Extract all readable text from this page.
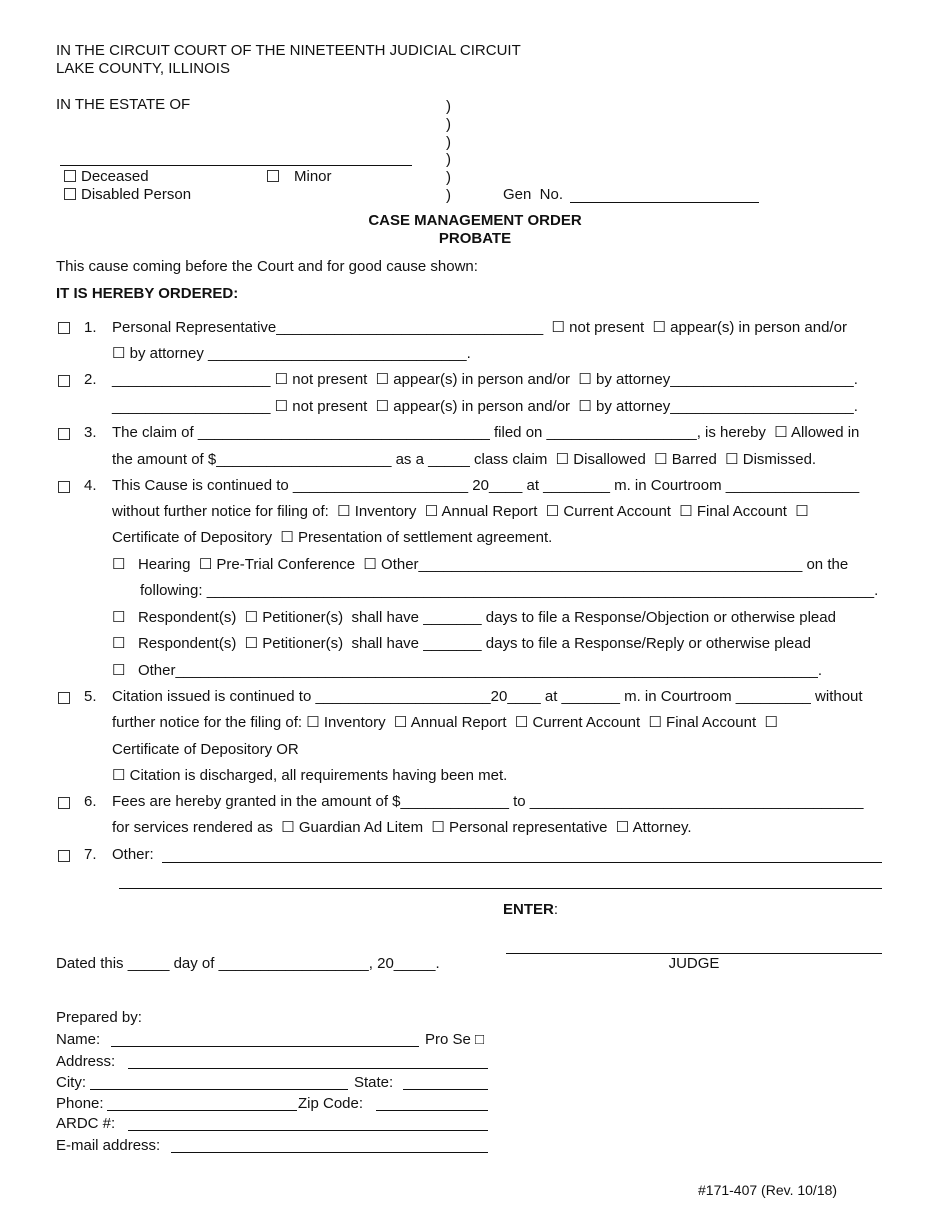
IN THE CIRCUIT COURT OF THE NINETEENTH JUDICIAL CIRCUIT
LAKE COUNTY, ILLINOIS
IN THE ESTATE OF	)
)
)
)
)
)
Deceased	Minor
Disabled Person	Gen  No.
CASE MANAGEMENT ORDER
PROBATE
This cause coming before the Court and for good cause shown:
IT IS HEREBY ORDERED:
1. Personal Representative________________________________  ☐ not present  ☐ appear(s) in person and/or
☐ by attorney _______________________________.
2. ___________________ ☐ not present  ☐ appear(s) in person and/or  ☐ by attorney______________________.
___________________ ☐ not present  ☐ appear(s) in person and/or  ☐ by attorney______________________.
3. The claim of ___________________________________ filed on __________________, is hereby  ☐ Allowed in
the amount of $_____________________ as a _____ class claim  ☐ Disallowed  ☐ Barred  ☐ Dismissed.
4. This Cause is continued to _____________________ 20____ at ________ m. in Courtroom ________________
without further notice for filing of:  ☐ Inventory  ☐ Annual Report  ☐ Current Account  ☐ Final Account  ☐
Certificate of Depository  ☐ Presentation of settlement agreement.
☐   Hearing  ☐ Pre-Trial Conference  ☐ Other______________________________________________ on the
following: ________________________________________________________________________________.
☐   Respondent(s)  ☐ Petitioner(s)  shall have _______ days to file a Response/Objection or otherwise plead
☐   Respondent(s)  ☐ Petitioner(s)  shall have _______ days to file a Response/Reply or otherwise plead
☐   Other_____________________________________________________________________________.
5. Citation issued is continued to _____________________20____ at _______ m. in Courtroom _________ without
further notice for the filing of: ☐ Inventory  ☐ Annual Report  ☐ Current Account  ☐ Final Account  ☐
Certificate of Depository OR
☐ Citation is discharged, all requirements having been met.
6. Fees are hereby granted in the amount of $_____________ to ________________________________________
for services rendered as  ☐ Guardian Ad Litem  ☐ Personal representative  ☐ Attorney.
7. Other:
ENTER:
JUDGE
Dated this _____ day of __________________, 20_____.
Prepared by:
Name:	Pro Se □
Address:
City:	State:
Phone:	Zip Code:
ARDC #:
E-mail address:
#171-407 (Rev. 10/18)
